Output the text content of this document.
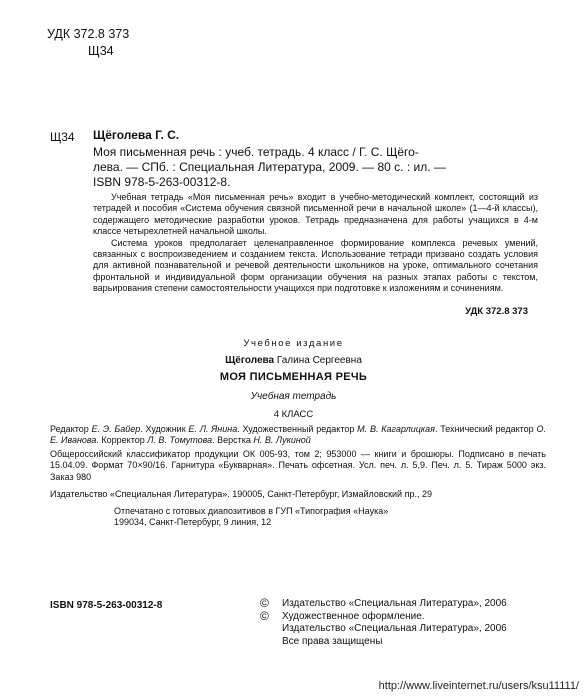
УДК 372.8 373
Щ34
Щ34 Щёголева Г. С.
Моя письменная речь : учеб. тетрадь. 4 класс / Г. С. Щёго-
лева. — СПб. : Специальная Литература, 2009. — 80 с. : ил. —
ISBN 978-5-263-00312-8.

Учебная тетрадь «Моя письменная речь» входит в учебно-методический комплект, состоящий из тетрадей и пособия «Система обучения связной письменной речи в начальной школе» (1—4-й классы), содержащего методические разработки уроков. Тетрадь предназначена для работы учащихся в 4-м классе четырехлетней начальной школы.

Система уроков предполагает целенаправленное формирование комплекса речевых умений, связанных с воспроизведением и созданием текста. Использование тетради призвано создать условия для активной познавательной и речевой деятельности школьников на уроке, оптимального сочетания фронтальной и индивидуальной форм организации обучения на разных этапах работы с текстом, варьирования степени самостоятельности учащихся при подготовке к изложениям и сочинениям.

УДК 372.8 373
Учебное издание
Щёголева Галина Сергеевна
МОЯ ПИСЬМЕННАЯ РЕЧЬ
Учебная тетрадь
4 КЛАСС
Редактор Е. Э. Байер. Художник Е. Л. Янина. Художественный редактор М. В. Кагарлицкая. Технический редактор О. Е. Иванова. Корректор Л. В. Томутова. Верстка Н. В. Лукиной
Общероссийский классификатор продукции ОК 005-93, том 2; 953000 — книги и брошюры. Подписано в печать 15.04.09. Формат 70×90/16. Гарнитура «Букварная». Печать офсетная. Усл. печ. л. 5,9. Печ. л. 5. Тираж 5000 экз. Заказ 980
Издательство «Специальная Литература». 190005, Санкт-Петербург, Измайловский пр., 29
Отпечатано с готовых диапозитивов в ГУП «Типография «Наука»
199034, Санкт-Петербург, 9 линия, 12
ISBN 978-5-263-00312-8	© Издательство «Специальная Литература», 2006
© Художественное оформление.
Издательство «Специальная Литература», 2006
Все права защищены
http://www.liveinternet.ru/users/ksu11111/
